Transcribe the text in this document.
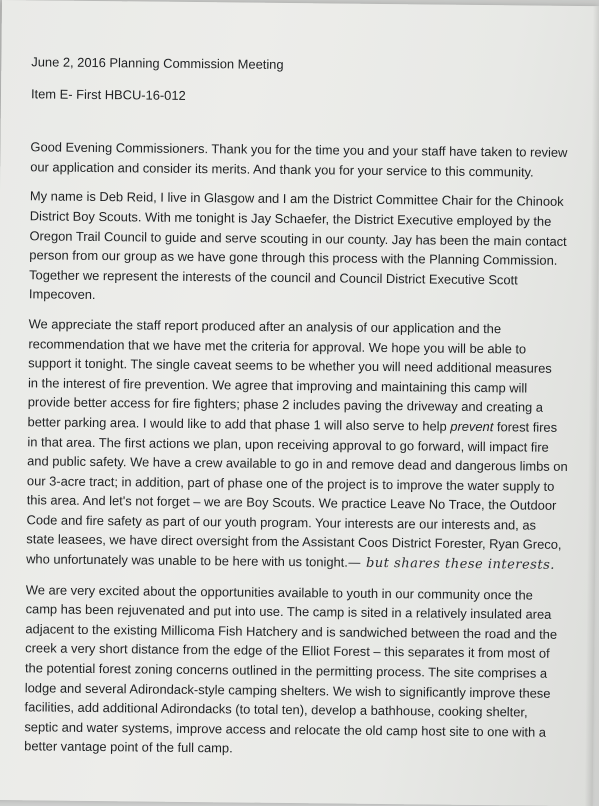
June 2, 2016 Planning Commission Meeting

Item E- First HBCU-16-012

Good Evening Commissioners. Thank you for the time you and your staff have taken to review
our application and consider its merits. And thank you for your service to this community.

My name is Deb Reid, I live in Glasgow and I am the District Committee Chair for the Chinook
District Boy Scouts. With me tonight is Jay Schaefer, the District Executive employed by the
Oregon Trail Council to guide and serve scouting in our county. Jay has been the main contact
person from our group as we have gone through this process with the Planning Commission.
Together we represent the interests of the council and Council District Executive Scott
Impecoven.

We appreciate the staff report produced after an analysis of our application and the
recommendation that we have met the criteria for approval. We hope you will be able to
support it tonight. The single caveat seems to be whether you will need additional measures
in the interest of fire prevention. We agree that improving and maintaining this camp will
provide better access for fire fighters; phase 2 includes paving the driveway and creating a
better parking area. I would like to add that phase 1 will also serve to help prevent forest fires
in that area. The first actions we plan, upon receiving approval to go forward, will impact fire
and public safety. We have a crew available to go in and remove dead and dangerous limbs on
our 3-acre tract; in addition, part of phase one of the project is to improve the water supply to
this area. And let's not forget – we are Boy Scouts. We practice Leave No Trace, the Outdoor
Code and fire safety as part of our youth program. Your interests are our interests and, as
state leasees, we have direct oversight from the Assistant Coos District Forester, Ryan Greco,
who unfortunately was unable to be here with us tonight.— but shares these interests.

We are very excited about the opportunities available to youth in our community once the
camp has been rejuvenated and put into use. The camp is sited in a relatively insulated area
adjacent to the existing Millicoma Fish Hatchery and is sandwiched between the road and the
creek a very short distance from the edge of the Elliot Forest – this separates it from most of
the potential forest zoning concerns outlined in the permitting process. The site comprises a
lodge and several Adirondack-style camping shelters. We wish to significantly improve these
facilities, add additional Adirondacks (to total ten), develop a bathhouse, cooking shelter,
septic and water systems, improve access and relocate the old camp host site to one with a
better vantage point of the full camp.
